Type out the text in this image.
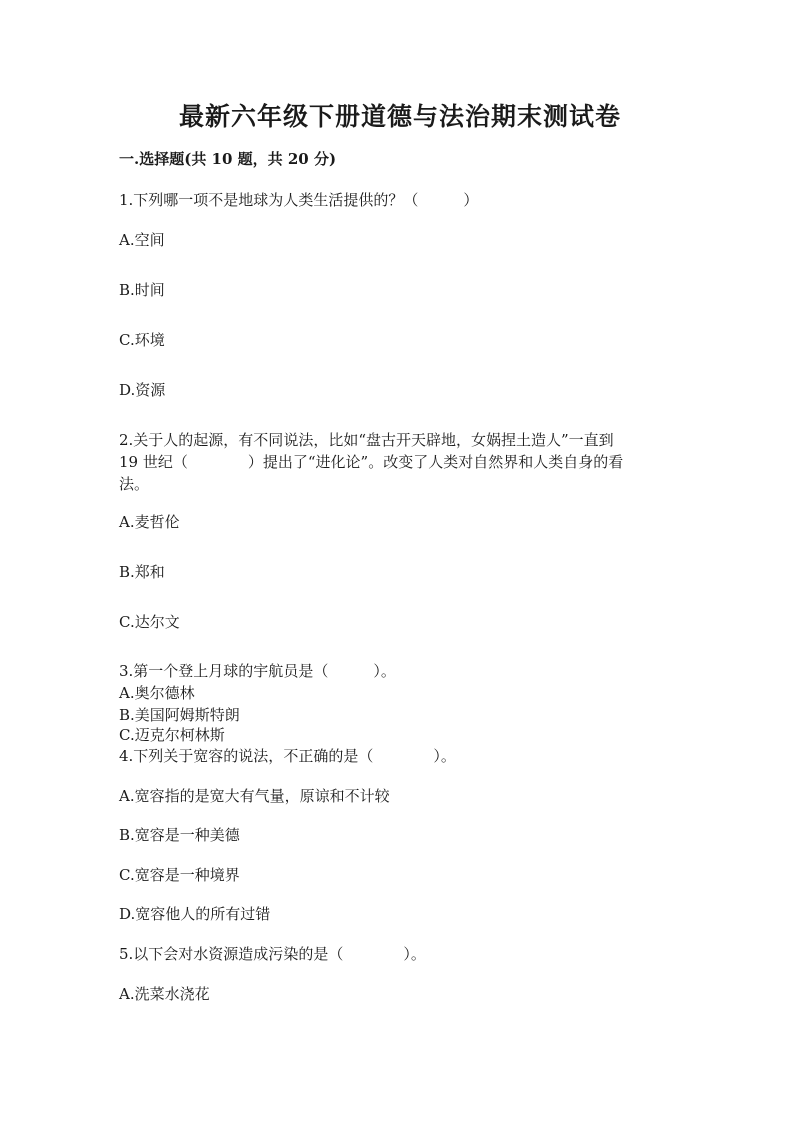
最新六年级下册道德与法治期末测试卷
一.选择题(共 10 题，共 20 分)
1.下列哪一项不是地球为人类生活提供的？（　　　）
A.空间
B.时间
C.环境
D.资源
2.关于人的起源，有不同说法，比如“盘古开天辟地，女娲捏土造人”一直到
19 世纪（　　　　）提出了“进化论”。改变了人类对自然界和人类自身的看
法。
A.麦哲伦
B.郑和
C.达尔文
3.第一个登上月球的宇航员是（　　　）。
A.奥尔德林
B.美国阿姆斯特朗
C.迈克尔柯林斯
4.下列关于宽容的说法，不正确的是（　　　　）。
A.宽容指的是宽大有气量，原谅和不计较
B.宽容是一种美德
C.宽容是一种境界
D.宽容他人的所有过错
5.以下会对水资源造成污染的是（　　　　）。
A.洗菜水浇花
